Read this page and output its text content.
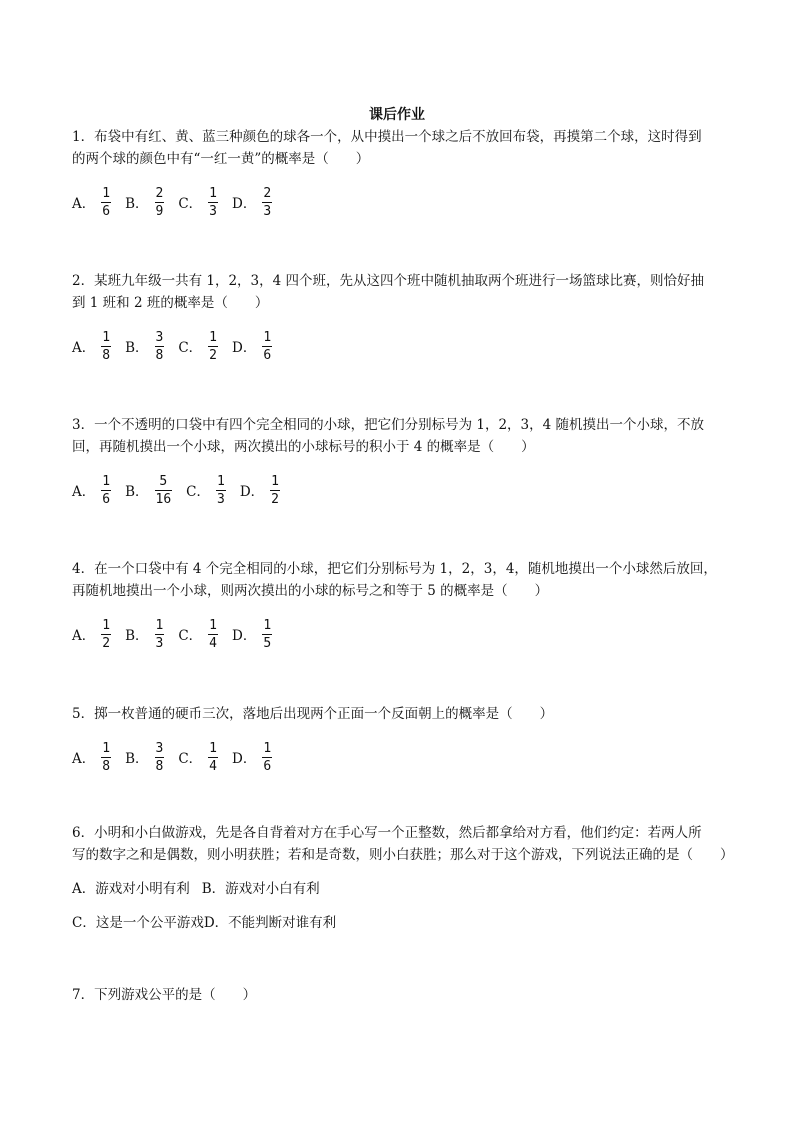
课后作业

1．布袋中有红、黄、蓝三种颜色的球各一个，从中摸出一个球之后不放回布袋，再摸第二个球，这时得到

的两个球的颜色中有“一红一黄”的概率是（　　）

A． $\frac{1}{6}$ B． $\frac{2}{9}$ C． $\frac{1}{3}$ D． $\frac{2}{3}$

2．某班九年级一共有 1，2，3，4 四个班，先从这四个班中随机抽取两个班进行一场篮球比赛，则恰好抽

到 1 班和 2 班的概率是（　　）

A． $\frac{1}{8}$ B． $\frac{3}{8}$ C． $\frac{1}{2}$ D． $\frac{1}{6}$

3．一个不透明的口袋中有四个完全相同的小球，把它们分别标号为 1，2，3，4 随机摸出一个小球，不放

回，再随机摸出一个小球，两次摸出的小球标号的积小于 4 的概率是（　　）

A． $\frac{1}{6}$ B． $\frac{5}{16}$ C． $\frac{1}{3}$ D． $\frac{1}{2}$

4．在一个口袋中有 4 个完全相同的小球，把它们分别标号为 1，2，3，4，随机地摸出一个小球然后放回，

再随机地摸出一个小球，则两次摸出的小球的标号之和等于 5 的概率是（　　）

A． $\frac{1}{2}$ B． $\frac{1}{3}$ C． $\frac{1}{4}$ D． $\frac{1}{5}$

5．掷一枚普通的硬币三次，落地后出现两个正面一个反面朝上的概率是（　　）

A． $\frac{1}{8}$ B． $\frac{3}{8}$ C． $\frac{1}{4}$ D． $\frac{1}{6}$

6．小明和小白做游戏，先是各自背着对方在手心写一个正整数，然后都拿给对方看，他们约定：若两人所

写的数字之和是偶数，则小明获胜；若和是奇数，则小白获胜；那么对于这个游戏，下列说法正确的是（　　）

A．游戏对小明有利 B．游戏对小白有利

C．这是一个公平游戏D．不能判断对谁有利

7．下列游戏公平的是（　　）
